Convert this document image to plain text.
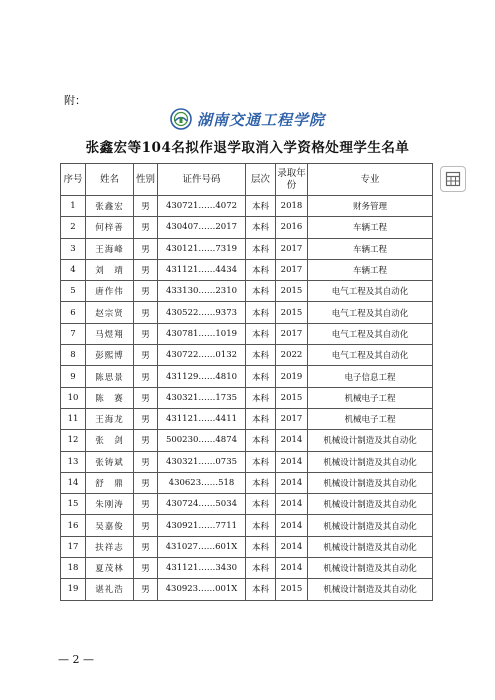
附：
湖南交通工程学院
张鑫宏等104名拟作退学取消入学资格处理学生名单
序号	姓名	性别	证件号码	层次	录取年份	专业
1	张鑫宏	男	430721……4072	本科	2018	财务管理
2	何梓善	男	430407……2017	本科	2016	车辆工程
3	王海峰	男	430121……7319	本科	2017	车辆工程
4	刘　靖	男	431121……4434	本科	2017	车辆工程
5	唐作伟	男	433130……2310	本科	2015	电气工程及其自动化
6	赵宗贤	男	430522……9373	本科	2015	电气工程及其自动化
7	马煜翔	男	430781……1019	本科	2017	电气工程及其自动化
8	彭熙博	男	430722……0132	本科	2022	电气工程及其自动化
9	陈思景	男	431129……4810	本科	2019	电子信息工程
10	陈　赛	男	430321……1735	本科	2015	机械电子工程
11	王海龙	男	431121……4411	本科	2017	机械电子工程
12	张　剑	男	500230……4874	本科	2014	机械设计制造及其自动化
13	张铸斌	男	430321……0735	本科	2014	机械设计制造及其自动化
14	舒　鼎	男	430623……518	本科	2014	机械设计制造及其自动化
15	朱刚涛	男	430724……5034	本科	2014	机械设计制造及其自动化
16	吴嘉俊	男	430921……7711	本科	2014	机械设计制造及其自动化
17	扶祥志	男	431027……601X	本科	2014	机械设计制造及其自动化
18	夏茂林	男	431121……3430	本科	2014	机械设计制造及其自动化
19	谌礼浩	男	430923……001X	本科	2015	机械设计制造及其自动化
— 2 —
